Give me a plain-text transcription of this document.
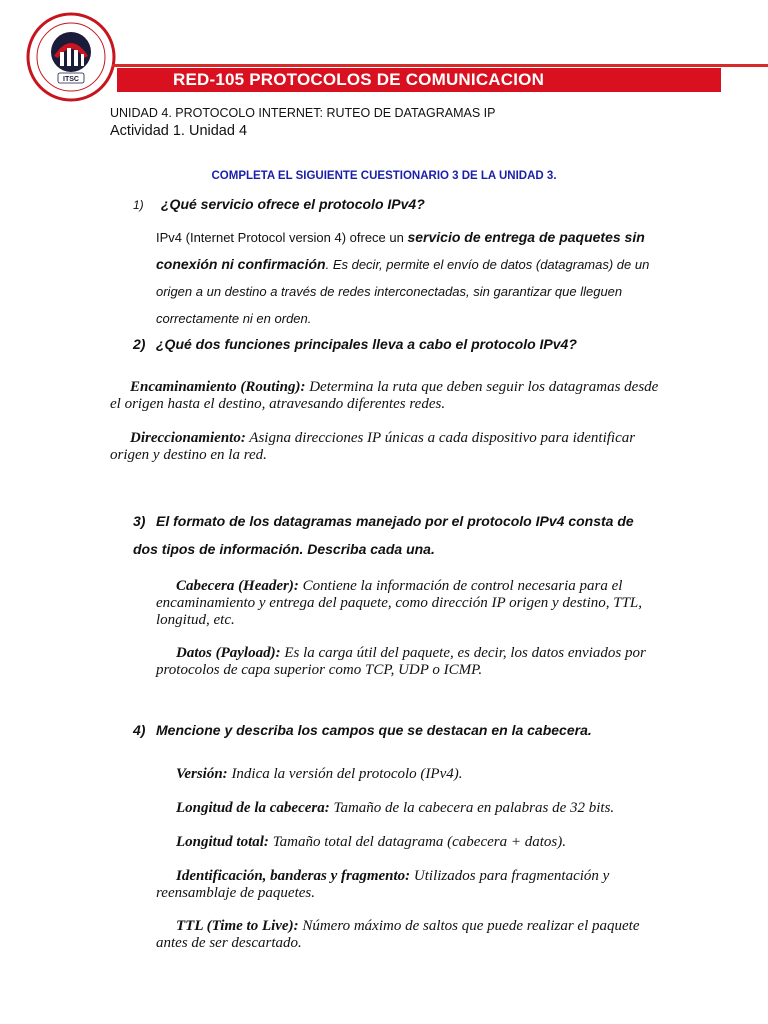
ITSC	RED-105 PROTOCOLOS DE COMUNICACION
UNIDAD 4. PROTOCOLO INTERNET: RUTEO DE DATAGRAMAS IP
Actividad 1. Unidad 4
COMPLETA EL SIGUIENTE CUESTIONARIO 3 DE LA UNIDAD 3.
1) ¿Qué servicio ofrece el protocolo IPv4?
IPv4 (Internet Protocol version 4) ofrece un servicio de entrega de paquetes sin conexión ni confirmación. Es decir, permite el envío de datos (datagramas) de un origen a un destino a través de redes interconectadas, sin garantizar que lleguen correctamente ni en orden.
2) ¿Qué dos funciones principales lleva a cabo el protocolo IPv4?
Encaminamiento (Routing): Determina la ruta que deben seguir los datagramas desde el origen hasta el destino, atravesando diferentes redes.
Direccionamiento: Asigna direcciones IP únicas a cada dispositivo para identificar origen y destino en la red.
3) El formato de los datagramas manejado por el protocolo IPv4 consta de dos tipos de información. Describa cada una.
Cabecera (Header): Contiene la información de control necesaria para el encaminamiento y entrega del paquete, como dirección IP origen y destino, TTL, longitud, etc.
Datos (Payload): Es la carga útil del paquete, es decir, los datos enviados por protocolos de capa superior como TCP, UDP o ICMP.
4) Mencione y describa los campos que se destacan en la cabecera.
Versión: Indica la versión del protocolo (IPv4).
Longitud de la cabecera: Tamaño de la cabecera en palabras de 32 bits.
Longitud total: Tamaño total del datagrama (cabecera + datos).
Identificación, banderas y fragmento: Utilizados para fragmentación y reensamblaje de paquetes.
TTL (Time to Live): Número máximo de saltos que puede realizar el paquete antes de ser descartado.
